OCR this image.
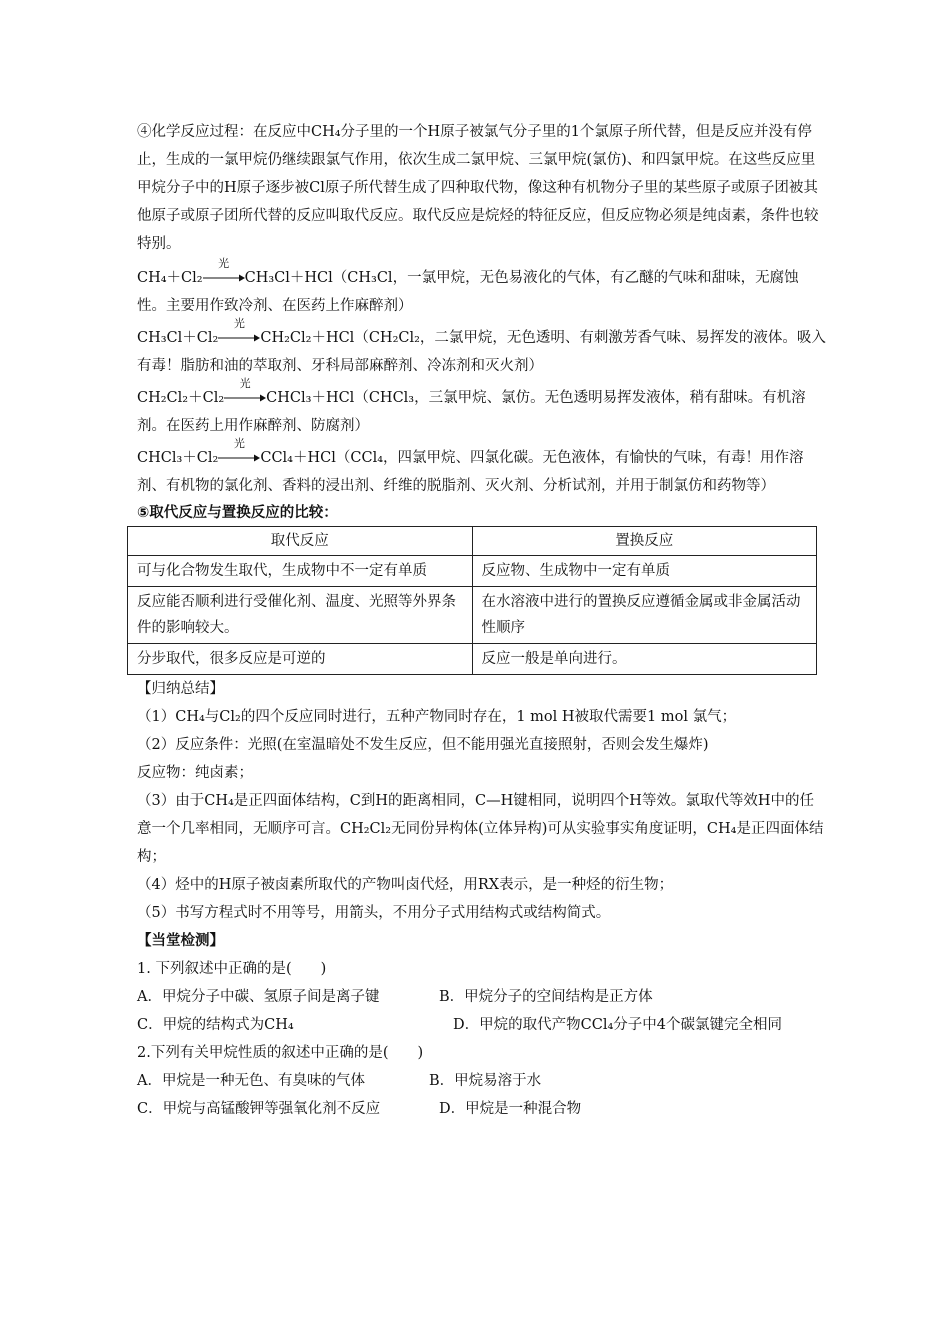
④化学反应过程：在反应中CH₄分子里的一个H原子被氯气分子里的1个氯原子所代替，但是反应并没有停止，生成的一氯甲烷仍继续跟氯气作用，依次生成二氯甲烷、三氯甲烷(氯仿)、和四氯甲烷。在这些反应里甲烷分子中的H原子逐步被Cl原子所代替生成了四种取代物，像这种有机物分子里的某些原子或原子团被其他原子或原子团所代替的反应叫取代反应。取代反应是烷烃的特征反应，但反应物必须是纯卤素，条件也较特别。

CH₄＋Cl₂
光
CH₃Cl＋HCl（CH₃Cl，一氯甲烷，无色易液化的气体，有乙醚的气味和甜味，无腐蚀性。主要用作致冷剂、在医药上作麻醉剂）

CH₃Cl＋Cl₂
光
CH₂Cl₂＋HCl（CH₂Cl₂，二氯甲烷，无色透明、有刺激芳香气味、易挥发的液体。吸入有毒！脂肪和油的萃取剂、牙科局部麻醉剂、冷冻剂和灭火剂）

CH₂Cl₂＋Cl₂
光
CHCl₃＋HCl（CHCl₃，三氯甲烷、氯仿。无色透明易挥发液体，稍有甜味。有机溶剂。在医药上用作麻醉剂、防腐剂）

CHCl₃＋Cl₂
光
CCl₄＋HCl（CCl₄，四氯甲烷、四氯化碳。无色液体，有愉快的气味，有毒！用作溶剂、有机物的氯化剂、香料的浸出剂、纤维的脱脂剂、灭火剂、分析试剂，并用于制氯仿和药物等）

⑤取代反应与置换反应的比较：
取代反应	置换反应
可与化合物发生取代，生成物中不一定有单质	反应物、生成物中一定有单质
反应能否顺利进行受催化剂、温度、光照等外界条件的影响较大。	在水溶液中进行的置换反应遵循金属或非金属活动性顺序
分步取代，很多反应是可逆的	反应一般是单向进行。

【归纳总结】

（1）CH₄与Cl₂的四个反应同时进行，五种产物同时存在，1 mol H被取代需要1 mol 氯气；

（2）反应条件：光照(在室温暗处不发生反应，但不能用强光直接照射，否则会发生爆炸)

反应物：纯卤素；

（3）由于CH₄是正四面体结构，C到H的距离相同，C—H键相同，说明四个H等效。氯取代等效H中的任意一个几率相同，无顺序可言。CH₂Cl₂无同份异构体(立体异构)可从实验事实角度证明，CH₄是正四面体结构；

（4）烃中的H原子被卤素所取代的产物叫卤代烃，用RX表示，是一种烃的衍生物；

（5）书写方程式时不用等号，用箭头，不用分子式用结构式或结构简式。

【当堂检测】

1. 下列叙述中正确的是(　　)

A．甲烷分子中碳、氢原子间是离子键	B．甲烷分子的空间结构是正方体

C．甲烷的结构式为CH₄	D．甲烷的取代产物CCl₄分子中4个碳氯键完全相同

2.下列有关甲烷性质的叙述中正确的是(　　)

A．甲烷是一种无色、有臭味的气体	B．甲烷易溶于水

C．甲烷与高锰酸钾等强氧化剂不反应	D．甲烷是一种混合物
